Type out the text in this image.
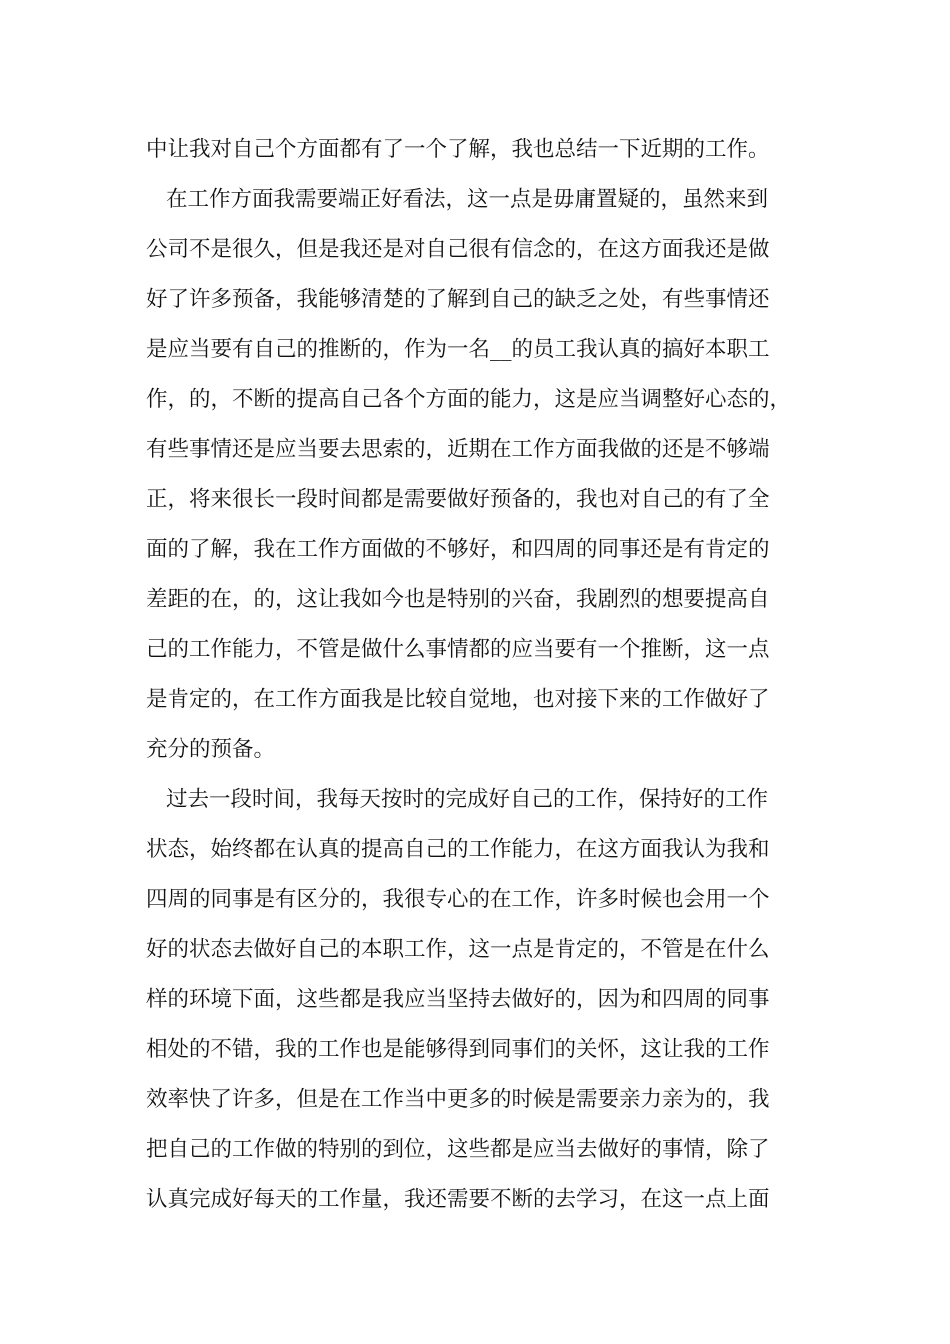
中让我对自己个方面都有了一个了解，我也总结一下近期的工作。

在工作方面我需要端正好看法，这一点是毋庸置疑的，虽然来到

公司不是很久，但是我还是对自己很有信念的，在这方面我还是做

好了许多预备，我能够清楚的了解到自己的缺乏之处，有些事情还

是应当要有自己的推断的，作为一名__的员工我认真的搞好本职工

作，的，不断的提高自己各个方面的能力，这是应当调整好心态的，

有些事情还是应当要去思索的，近期在工作方面我做的还是不够端

正，将来很长一段时间都是需要做好预备的，我也对自己的有了全

面的了解，我在工作方面做的不够好，和四周的同事还是有肯定的

差距的在，的，这让我如今也是特别的兴奋，我剧烈的想要提高自

己的工作能力，不管是做什么事情都的应当要有一个推断，这一点

是肯定的，在工作方面我是比较自觉地，也对接下来的工作做好了

充分的预备。

过去一段时间，我每天按时的完成好自己的工作，保持好的工作

状态，始终都在认真的提高自己的工作能力，在这方面我认为我和

四周的同事是有区分的，我很专心的在工作，许多时候也会用一个

好的状态去做好自己的本职工作，这一点是肯定的，不管是在什么

样的环境下面，这些都是我应当坚持去做好的，因为和四周的同事

相处的不错，我的工作也是能够得到同事们的关怀，这让我的工作

效率快了许多，但是在工作当中更多的时候是需要亲力亲为的，我

把自己的工作做的特别的到位，这些都是应当去做好的事情，除了

认真完成好每天的工作量，我还需要不断的去学习，在这一点上面
